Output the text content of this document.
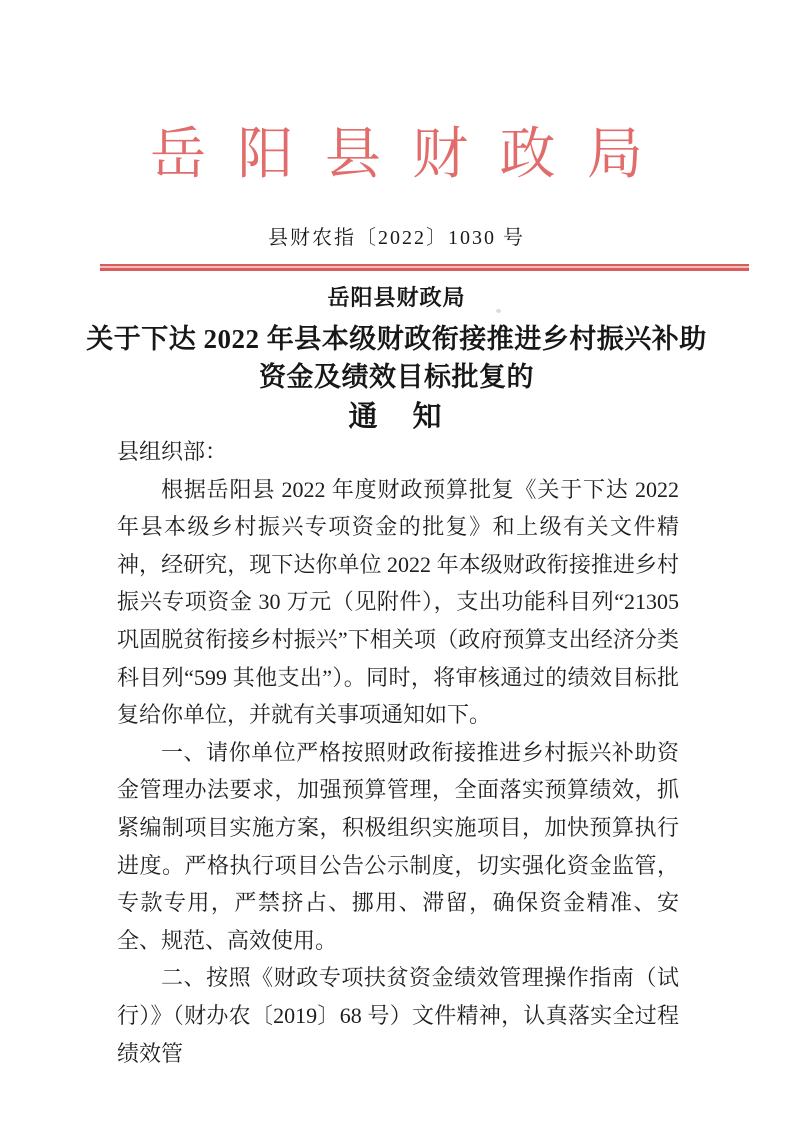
岳阳县财政局
县财农指〔2022〕1030 号
岳阳县财政局
关于下达 2022 年县本级财政衔接推进乡村振兴补助
资金及绩效目标批复的
通　知

县组织部：

根据岳阳县 2022 年度财政预算批复《关于下达 2022 年县本级乡村振兴专项资金的批复》和上级有关文件精神，经研究，现下达你单位 2022 年本级财政衔接推进乡村振兴专项资金 30 万元（见附件），支出功能科目列“21305 巩固脱贫衔接乡村振兴”下相关项（政府预算支出经济分类科目列“599 其他支出”）。同时，将审核通过的绩效目标批复给你单位，并就有关事项通知如下。

一、请你单位严格按照财政衔接推进乡村振兴补助资金管理办法要求，加强预算管理，全面落实预算绩效，抓紧编制项目实施方案，积极组织实施项目，加快预算执行进度。严格执行项目公告公示制度，切实强化资金监管，专款专用，严禁挤占、挪用、滞留，确保资金精准、安全、规范、高效使用。

二、按照《财政专项扶贫资金绩效管理操作指南（试行）》（财办农〔2019〕68 号）文件精神，认真落实全过程绩效管
